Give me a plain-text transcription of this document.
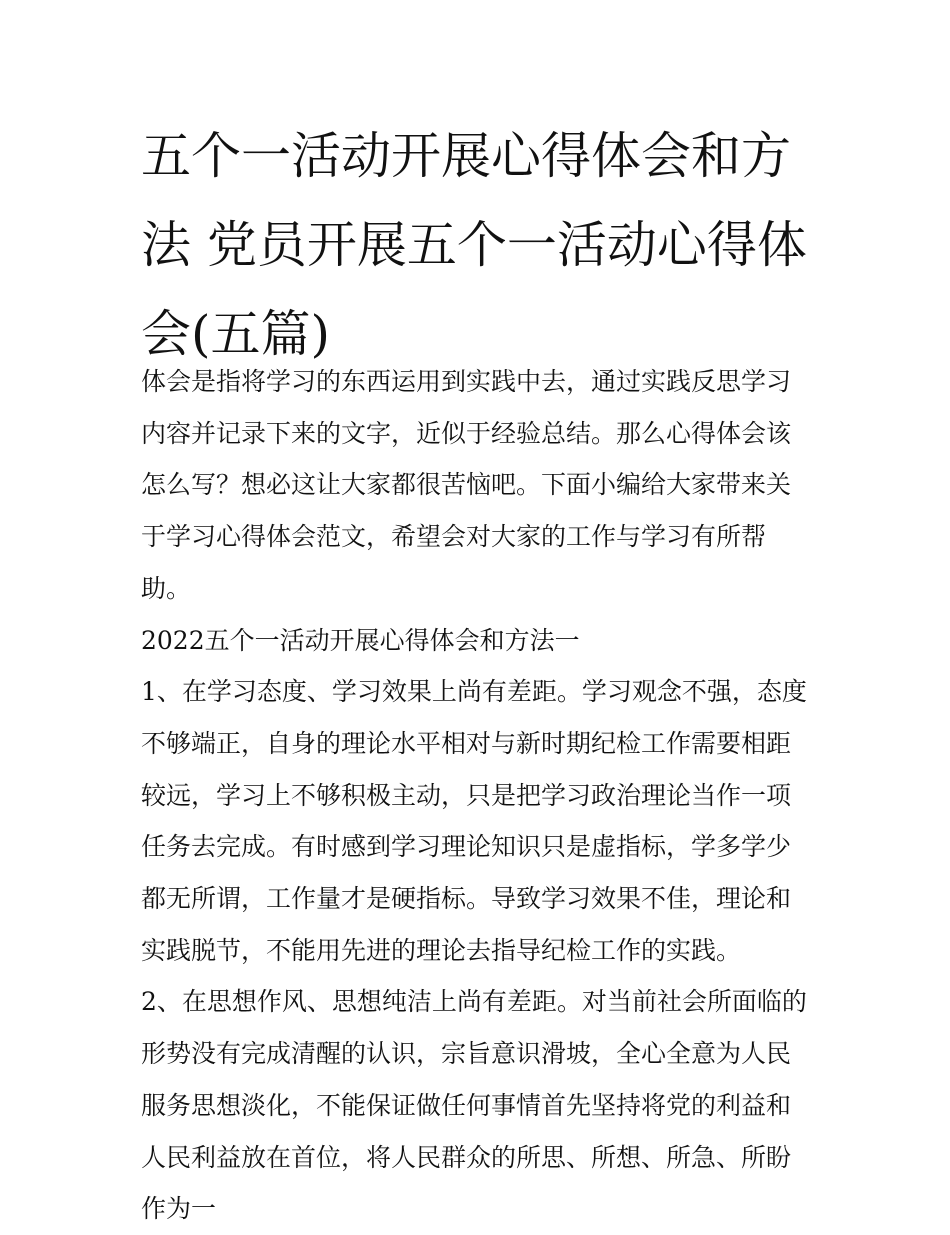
五个一活动开展心得体会和方法 党员开展五个一活动心得体会(五篇)

体会是指将学习的东西运用到实践中去，通过实践反思学习内容并记录下来的文字，近似于经验总结。那么心得体会该怎么写？想必这让大家都很苦恼吧。下面小编给大家带来关于学习心得体会范文，希望会对大家的工作与学习有所帮助。

2022五个一活动开展心得体会和方法一

1、在学习态度、学习效果上尚有差距。学习观念不强，态度不够端正，自身的理论水平相对与新时期纪检工作需要相距较远，学习上不够积极主动，只是把学习政治理论当作一项任务去完成。有时感到学习理论知识只是虚指标，学多学少都无所谓，工作量才是硬指标。导致学习效果不佳，理论和实践脱节，不能用先进的理论去指导纪检工作的实践。

2、在思想作风、思想纯洁上尚有差距。对当前社会所面临的形势没有完成清醒的认识，宗旨意识滑坡，全心全意为人民服务思想淡化，不能保证做任何事情首先坚持将党的利益和人民利益放在首位，将人民群众的所思、所想、所急、所盼作为一
